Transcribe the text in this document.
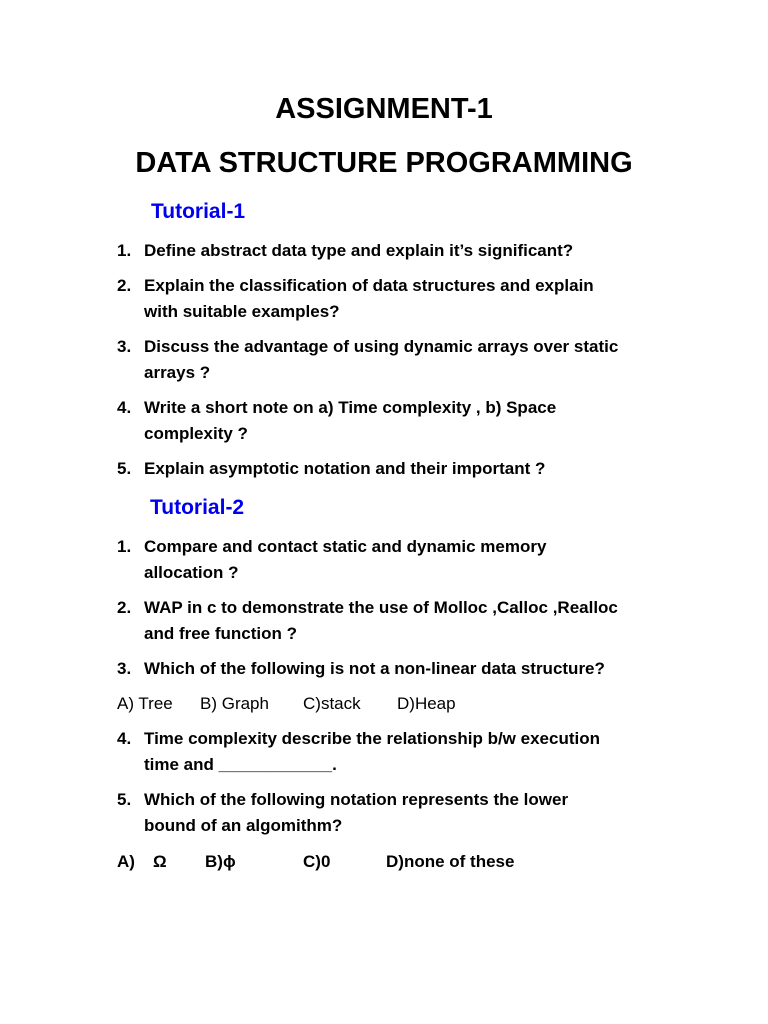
ASSIGNMENT-1
DATA STRUCTURE PROGRAMMING
Tutorial-1
1. Define abstract data type and explain it’s significant?
2. Explain the classification of data structures and explain
with suitable examples?
3. Discuss the advantage of using dynamic arrays over static
arrays ?
4. Write a short note on a) Time complexity , b) Space
complexity ?
5. Explain asymptotic notation and their important ?
Tutorial-2
1. Compare and contact static and dynamic memory
allocation ?
2. WAP in c to demonstrate the use of Molloc ,Calloc ,Realloc
and free function ?
3. Which of the following is not a non-linear data structure?
A) Tree B) Graph C)stack D)Heap
4. Time complexity describe the relationship b/w execution
time and ____________.
5. Which of the following notation represents the lower
bound of an algomithm?
A) Ω B)ϕ	C)0	D)none of these
